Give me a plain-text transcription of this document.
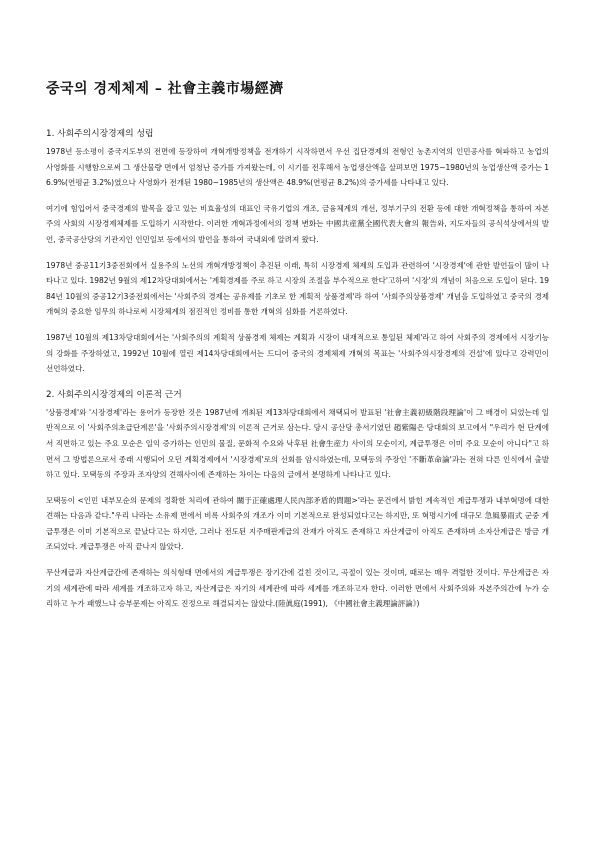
중국의 경제체제 – 社會主義市場經濟
1. 사회주의시장경제의 성립

1978년 등소평이 중국지도부의 전면에 등장하여 개혁개방정책을 전개하기 시작하면서 우선 집단경제의 전형인 농촌지역의 인민공사를 혁파하고 농업의 사영화를 시행함으로써 그 생산물량 면에서 엄청난 증가를 가져왔는데, 이 시기를 전후해서 농업생산액을 살펴보면 1975~1980년의 농업생산액 증가는 16.9%(연평균 3.2%)였으나 사영화가 전개된 1980~1985년의 생산액은 48.9%(연평균 8.2%)의 증가세를 나타내고 있다.

여기에 힘입어서 중국경제의 발목을 잡고 있는 비효율성의 대표인 국유기업의 개조, 금융체계의 개선, 정부기구의 전환 등에 대한 개혁정책을 통하여 자본주의 사회의 시장경제체제를 도입하기 시작한다. 이러한 개혁과정에서의 정책 변화는 中國共産黨全國代表大會의 報告와, 지도자들의 공식석상에서의 발언, 중국공산당의 기관지인 인민일보 등에서의 발언을 통하여 국내외에 알려져 왔다.

1978년 중공11기3중전회에서 실용주의 노선의 개혁개방정책이 추진된 이래, 특히 시장경제 체제의 도입과 관련하여 '시장경제'에 관한 발언들이 많이 나타나고 있다. 1982년 9월의 제12차당대회에서는 '계획경제를 주로 하고 시장의 조절을 부수적으로 한다'고하여 '시장'의 개념이 처음으로 도입이 된다. 1984년 10월의 중공12기3중전회에서는 '사회주의 경제는 공유제를 기초로 한 계획적 상품경제'라 하여 '사회주의상품경제' 개념을 도입하였고 중국의 경제개혁의 중요한 임무의 하나로써 시장체계의 점진적인 정비를 통한 개혁의 심화를 거론하였다.

1987년 10월의 제13차당대회에서는 '사회주의의 계획적 상품경제 체제는 계획과 시장이 내재적으로 통일된 체제'라고 하여 사회주의 경제에서 시장기능의 강화를 주장하였고, 1992년 10월에 열린 제14차당대회에서는 드디어 중국의 경제체제 개혁의 목표는 '사회주의시장경제의 건설'에 있다고 강력민이 선언하였다.

2. 사회주의시장경제의 이론적 근거

'상품경제'와 '시장경제'라는 용어가 등장한 것은 1987년에 개최된 제13차당대회에서 채택되어 발표된 '社會主義初級階段理論'이 그 배경이 되었는데 일반적으로 이 '사회주의초급단계론'을 '사회주의시장경제'의 이론적 근거로 삼는다. 당시 공산당 총서기였던 趙紫陽은 당대회의 보고에서 "우리가 현 단계에서 직면하고 있는 주요 모순은 일익 증가하는 인민의 물질, 문화적 수요와 낙후된 社會生産力 사이의 모순이지, 계급투쟁은 이미 주요 모순이 아니다"고 하면서 그 방법론으로서 종래 시행되어 오던 계획경제에서 '시장경제'로의 선회를 암시하였는데, 모택동의 주장인 '不斷革命論'과는 전혀 다른 인식에서 출발하고 있다. 모택동의 주장과 조자양의 견해사이에 존재하는 차이는 다음의 글에서 분명하게 나타나고 있다.

모택동이 <인민 내부모순의 문제의 정확한 처리에 관하여 關于正確處理人民內部矛盾的問題>'라는 문건에서 밝힌 계속적인 계급투쟁과 내부혁명에 대한 견해는 다음과 같다."우리 나라는 소유제 면에서 비록 사회주의 개조가 이미 기본적으로 완성되었다고는 하지만, 또 혁명시기에 대규모 急風暴雨式 군중 계급투쟁은 이미 기본적으로 끝났다고는 하지만, 그러나 전도된 지주매판계급의 잔재가 아직도 존재하고 자산계급이 아직도 존재하며 소자산계급은 방금 개조되었다. 계급투쟁은 아직 끝나지 않았다.

무산계급과 자산계급간에 존재하는 의식형태 면에서의 계급투쟁은 장기간에 걸친 것이고, 곡절이 있는 것이며, 때로는 매우 격렬한 것이다. 무산계급은 자기의 세계관에 따라 세계를 개조하고자 하고, 자산계급은 자기의 세계관에 따라 세계를 개조하고자 한다. 이러한 면에서 사회주의와 자본주의간에 누가 승리하고 누가 패했느냐 승부문제는 아직도 진정으로 해결되지는 않았다.(陸眞庭(1991), 《中國社會主義理論評論》)
